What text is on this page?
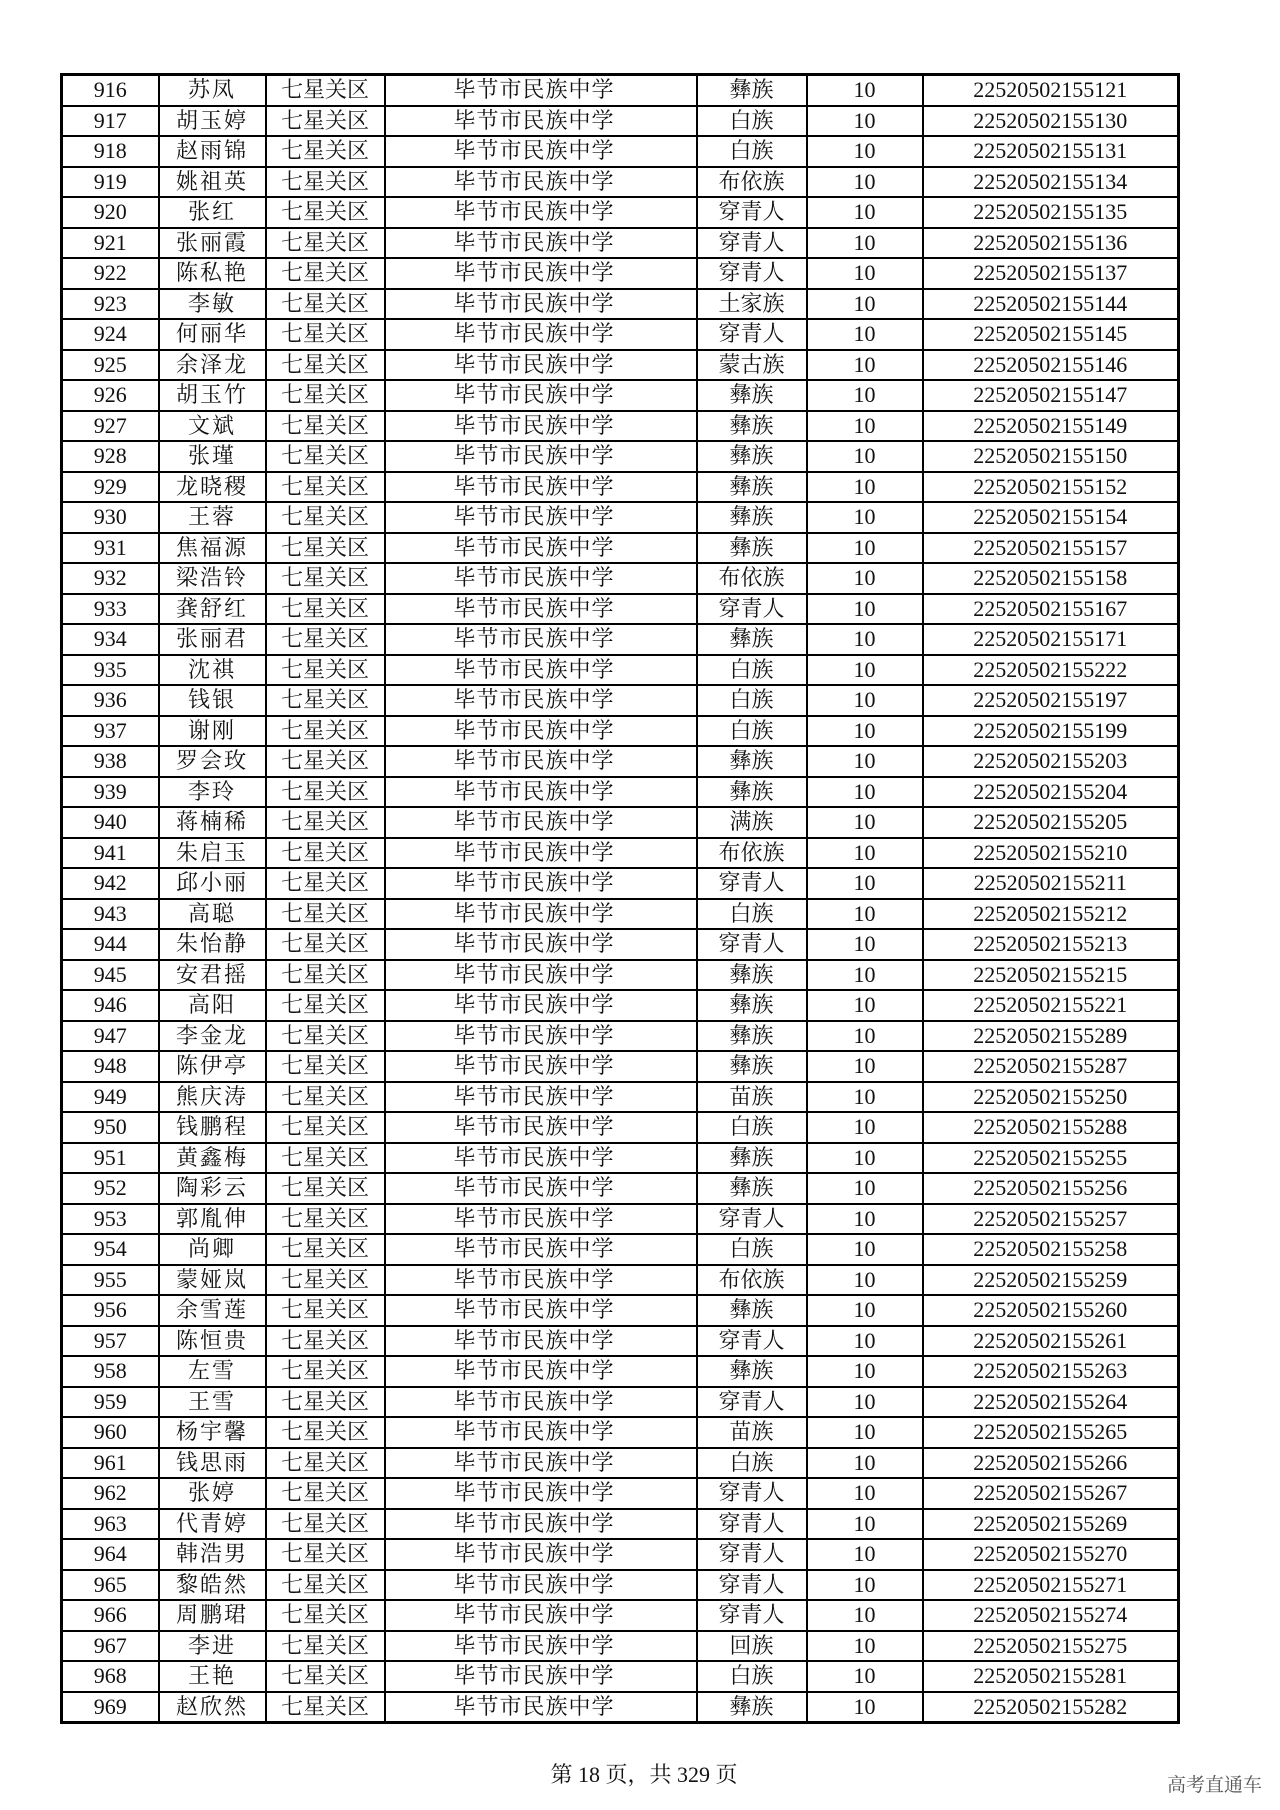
916	苏凤	七星关区	毕节市民族中学	彝族	10	22520502155121
917	胡玉婷	七星关区	毕节市民族中学	白族	10	22520502155130
918	赵雨锦	七星关区	毕节市民族中学	白族	10	22520502155131
919	姚祖英	七星关区	毕节市民族中学	布依族	10	22520502155134
920	张红	七星关区	毕节市民族中学	穿青人	10	22520502155135
921	张丽霞	七星关区	毕节市民族中学	穿青人	10	22520502155136
922	陈私艳	七星关区	毕节市民族中学	穿青人	10	22520502155137
923	李敏	七星关区	毕节市民族中学	土家族	10	22520502155144
924	何丽华	七星关区	毕节市民族中学	穿青人	10	22520502155145
925	余泽龙	七星关区	毕节市民族中学	蒙古族	10	22520502155146
926	胡玉竹	七星关区	毕节市民族中学	彝族	10	22520502155147
927	文斌	七星关区	毕节市民族中学	彝族	10	22520502155149
928	张瑾	七星关区	毕节市民族中学	彝族	10	22520502155150
929	龙晓稷	七星关区	毕节市民族中学	彝族	10	22520502155152
930	王蓉	七星关区	毕节市民族中学	彝族	10	22520502155154
931	焦福源	七星关区	毕节市民族中学	彝族	10	22520502155157
932	梁浩铃	七星关区	毕节市民族中学	布依族	10	22520502155158
933	龚舒红	七星关区	毕节市民族中学	穿青人	10	22520502155167
934	张丽君	七星关区	毕节市民族中学	彝族	10	22520502155171
935	沈祺	七星关区	毕节市民族中学	白族	10	22520502155222
936	钱银	七星关区	毕节市民族中学	白族	10	22520502155197
937	谢刚	七星关区	毕节市民族中学	白族	10	22520502155199
938	罗会玫	七星关区	毕节市民族中学	彝族	10	22520502155203
939	李玲	七星关区	毕节市民族中学	彝族	10	22520502155204
940	蒋楠稀	七星关区	毕节市民族中学	满族	10	22520502155205
941	朱启玉	七星关区	毕节市民族中学	布依族	10	22520502155210
942	邱小丽	七星关区	毕节市民族中学	穿青人	10	22520502155211
943	高聪	七星关区	毕节市民族中学	白族	10	22520502155212
944	朱怡静	七星关区	毕节市民族中学	穿青人	10	22520502155213
945	安君摇	七星关区	毕节市民族中学	彝族	10	22520502155215
946	高阳	七星关区	毕节市民族中学	彝族	10	22520502155221
947	李金龙	七星关区	毕节市民族中学	彝族	10	22520502155289
948	陈伊亭	七星关区	毕节市民族中学	彝族	10	22520502155287
949	熊庆涛	七星关区	毕节市民族中学	苗族	10	22520502155250
950	钱鹏程	七星关区	毕节市民族中学	白族	10	22520502155288
951	黄鑫梅	七星关区	毕节市民族中学	彝族	10	22520502155255
952	陶彩云	七星关区	毕节市民族中学	彝族	10	22520502155256
953	郭胤伸	七星关区	毕节市民族中学	穿青人	10	22520502155257
954	尚卿	七星关区	毕节市民族中学	白族	10	22520502155258
955	蒙娅岚	七星关区	毕节市民族中学	布依族	10	22520502155259
956	余雪莲	七星关区	毕节市民族中学	彝族	10	22520502155260
957	陈恒贵	七星关区	毕节市民族中学	穿青人	10	22520502155261
958	左雪	七星关区	毕节市民族中学	彝族	10	22520502155263
959	王雪	七星关区	毕节市民族中学	穿青人	10	22520502155264
960	杨宇馨	七星关区	毕节市民族中学	苗族	10	22520502155265
961	钱思雨	七星关区	毕节市民族中学	白族	10	22520502155266
962	张婷	七星关区	毕节市民族中学	穿青人	10	22520502155267
963	代青婷	七星关区	毕节市民族中学	穿青人	10	22520502155269
964	韩浩男	七星关区	毕节市民族中学	穿青人	10	22520502155270
965	黎皓然	七星关区	毕节市民族中学	穿青人	10	22520502155271
966	周鹏珺	七星关区	毕节市民族中学	穿青人	10	22520502155274
967	李进	七星关区	毕节市民族中学	回族	10	22520502155275
968	王艳	七星关区	毕节市民族中学	白族	10	22520502155281
969	赵欣然	七星关区	毕节市民族中学	彝族	10	22520502155282
第 18 页，共 329 页	高考直通车
